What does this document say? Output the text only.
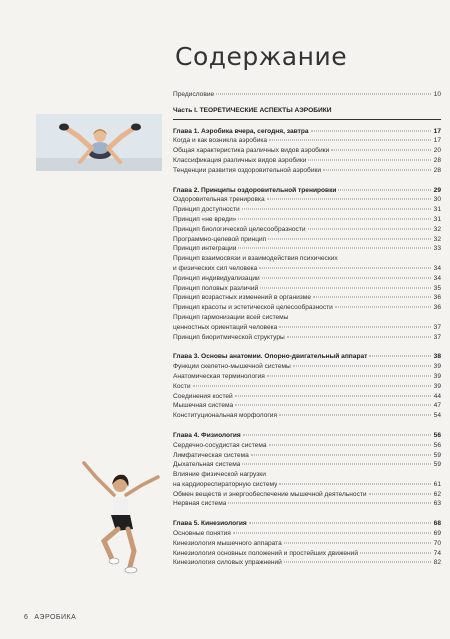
Содержание
Предисловие	10
Часть I. ТЕОРЕТИЧЕСКИЕ АСПЕКТЫ АЭРОБИКИ
Глава 1. Аэробика вчера, сегодня, завтра	17
Когда и как возникла аэробика	17
Общая характеристика различных видов аэробики	20
Классификация различных видов аэробики	28
Тенденции развития оздоровительной аэробики	28
Глава 2. Принципы оздоровительной тренировки	29
Оздоровительная тренировка	30
Принцип доступности	31
Принцип «не вреди»	31
Принцип биологической целесообразности	32
Программно-целевой принцип	32
Принцип интеграции	33
Принцип взаимосвязи и взаимодействия психических
и физических сил человека	34
Принцип индивидуализации	34
Принцип половых различий	35
Принцип возрастных изменений в организме	36
Принцип красоты и эстетической целесообразности	36
Принцип гармонизации всей системы
ценностных ориентаций человека	37
Принцип биоритмической структуры	37
Глава 3. Основы анатомии. Опорно-двигательный аппарат	38
Функции скелетно-мышечной системы	39
Анатомическая терминология	39
Кости	39
Соединения костей	44
Мышечная система	47
Конституциональная морфология	54
Глава 4. Физиология	56
Сердечно-сосудистая система	56
Лимфатическая система	59
Дыхательная система	59
Влияние физической нагрузки
на кардиореспираторную систему	61
Обмен веществ и энергообеспечение мышечной деятельности	62
Нервная система	63
Глава 5. Кинезиология	68
Основные понятия	69
Кинезиология мышечного аппарата	70
Кинезиология основных положений и простейших движений	74
Кинезиология силовых упражнений	82
6 АЭРОБИКА
